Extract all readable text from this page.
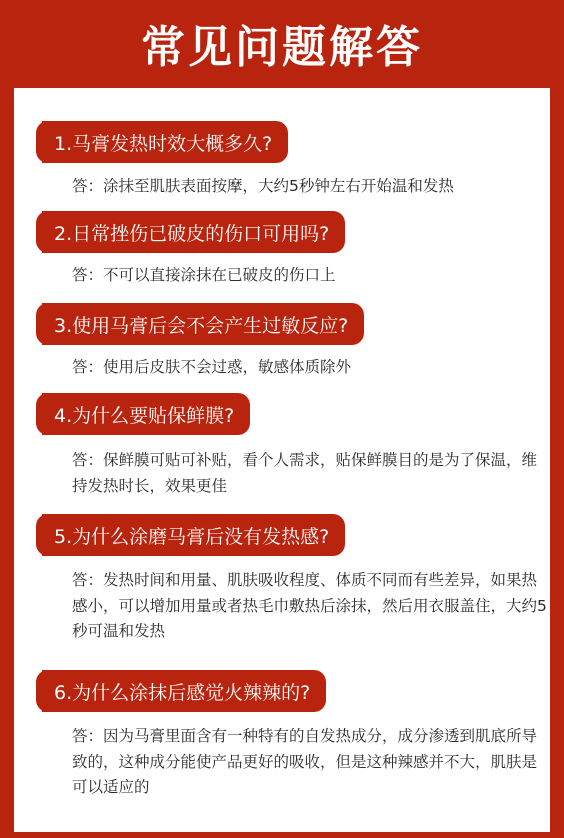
常见问题解答
1.马膏发热时效大概多久?
答：涂抹至肌肤表面按摩，大约5秒钟左右开始温和发热
2.日常挫伤已破皮的伤口可用吗?
答：不可以直接涂抹在已破皮的伤口上
3.使用马膏后会不会产生过敏反应?
答：使用后皮肤不会过惑，敏感体质除外
4.为什么要贴保鲜膜?
答：保鲜膜可贴可补贴，看个人需求，贴保鲜膜目的是为了保温，维持发热时长，效果更佳
5.为什么涂磨马膏后没有发热感?
答：发热时间和用量、肌肤吸收程度、体质不同而有些差异，如果热感小，可以增加用量或者热毛巾敷热后涂抹，然后用衣服盖住，大约5秒可温和发热
6.为什么涂抹后感觉火辣辣的?
答：因为马膏里面含有一种特有的自发热成分，成分渗透到肌底所导致的，这种成分能使产品更好的吸收，但是这种辣感并不大，肌肤是可以适应的
